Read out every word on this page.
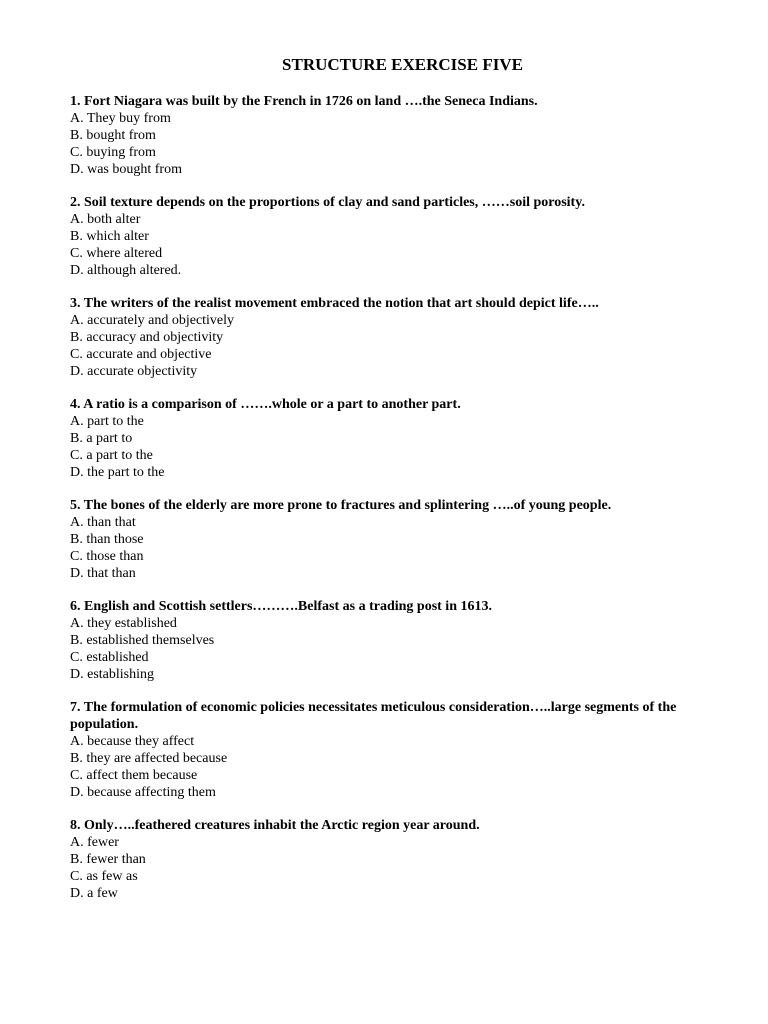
STRUCTURE EXERCISE FIVE
1. Fort Niagara was built by the French in 1726 on land ….the Seneca Indians.
A. They buy from
B. bought from
C. buying from
D. was bought from
2. Soil texture depends on the proportions of clay and sand particles, ……soil porosity.
A. both alter
B. which alter
C. where altered
D. although altered.
3. The writers of the realist movement embraced the notion that art should depict life…..
A. accurately and objectively
B. accuracy and objectivity
C. accurate and objective
D. accurate objectivity
4. A ratio is a comparison of …….whole or a part to another part.
A. part to the
B. a part to
C. a part to the
D. the part to the
5. The bones of the elderly are more prone to fractures and splintering …..of young people.
A. than that
B. than those
C. those than
D. that than
6. English and Scottish settlers……….Belfast as a trading post in 1613.
A. they established
B. established themselves
C. established
D. establishing
7. The formulation of economic policies necessitates meticulous consideration…..large segments of the population.
A. because they affect
B. they are affected because
C. affect them because
D. because affecting them
8. Only…..feathered creatures inhabit the Arctic region year around.
A. fewer
B. fewer than
C. as few as
D. a few
